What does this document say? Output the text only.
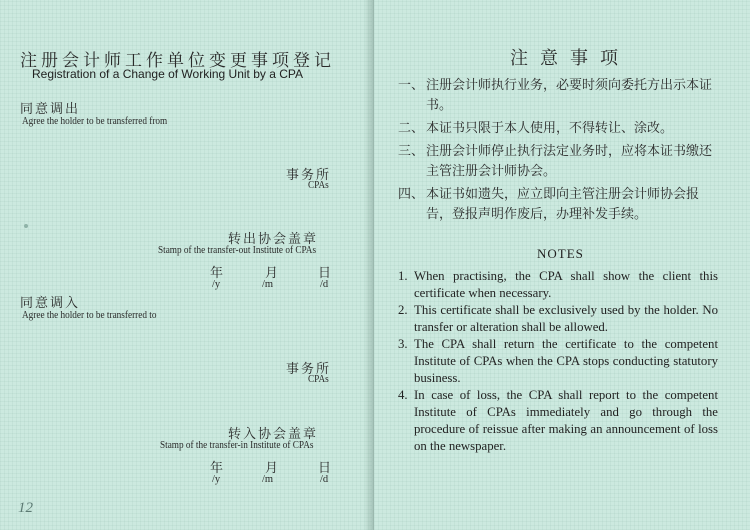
注册会计师工作单位变更事项登记
Registration of a Change of Working Unit by a CPA
同意调出
Agree the holder to be transferred from
事务所
CPAs
转出协会盖章
Stamp of the transfer-out Institute of CPAs
年	月	日
/y	/m	/d
同意调入
Agree the holder to be transferred to
事务所
CPAs
转入协会盖章
Stamp of the transfer-in Institute of CPAs
年	月	日
/y	/m	/d
12
注意事项
一、 注册会计师执行业务，必要时须向委托方出示本证书。
二、 本证书只限于本人使用，不得转让、涂改。
三、 注册会计师停止执行法定业务时，应将本证书缴还主管注册会计师协会。
四、 本证书如遗失，应立即向主管注册会计师协会报告，登报声明作废后，办理补发手续。
NOTES
1. When practising, the CPA shall show the client this certificate when necessary.
2. This certificate shall be exclusively used by the holder. No transfer or alteration shall be allowed.
3. The CPA shall return the certificate to the competent Institute of CPAs when the CPA stops conducting statutory business.
4. In case of loss, the CPA shall report to the competent Institute of CPAs immediately and go through the procedure of reissue after making an announcement of loss on the newspaper.
